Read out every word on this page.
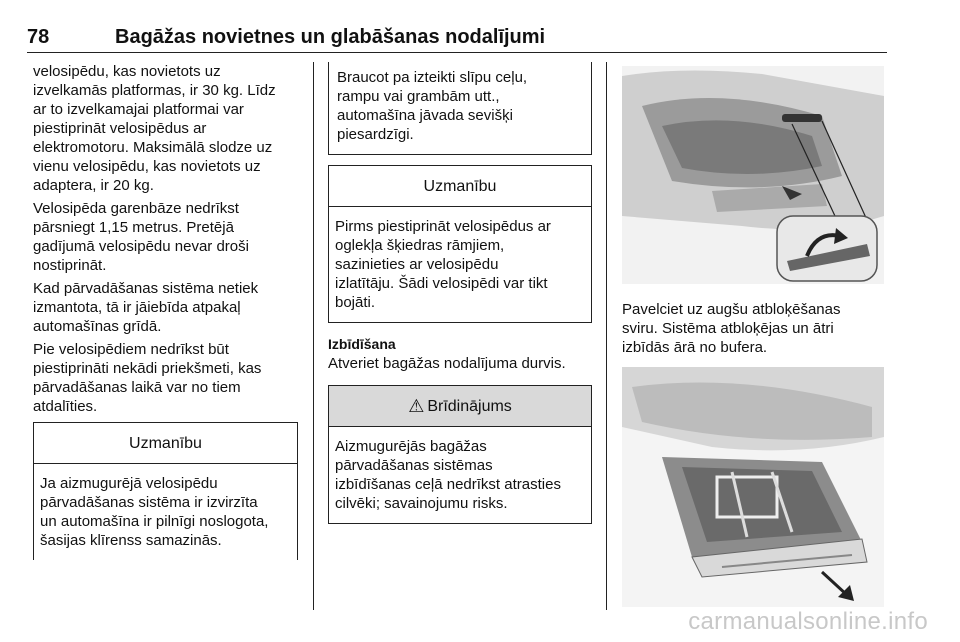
78	Bagāžas novietnes un glabāšanas nodalījumi

velosipēdu, kas novietots uz
izvelkamās platformas, ir 30 kg. Līdz
ar to izvelkamajai platformai var
piestiprināt velosipēdus ar
elektromotoru. Maksimālā slodze uz
vienu velosipēdu, kas novietots uz
adaptera, ir 20 kg.

Velosipēda garenbāze nedrīkst
pārsniegt 1,15 metrus. Pretējā
gadījumā velosipēdu nevar droši
nostiprināt.

Kad pārvadāšanas sistēma netiek
izmantota, tā ir jāiebīda atpakaļ
automašīnas grīdā.

Pie velosipēdiem nedrīkst būt
piestiprināti nekādi priekšmeti, kas
pārvadāšanas laikā var no tiem
atdalīties.

Uzmanību
Ja aizmugurējā velosipēdu
pārvadāšanas sistēma ir izvirzīta
un automašīna ir pilnīgi noslogota,
šasijas klīrenss samazinās.
Braucot pa izteikti slīpu ceļu,
rampu vai grambām utt.,
automašīna jāvada sevišķi
piesardzīgi.
Uzmanību
Pirms piestiprināt velosipēdus ar
oglekļa šķiedras rāmjiem,
sazinieties ar velosipēdu
izlatītāju. Šādi velosipēdi var tikt
bojāti.
Izbīdīšana

Atveriet bagāžas nodalījuma durvis.

⚠ Brīdinājums
Aizmugurējās bagāžas
pārvadāšanas sistēmas
izbīdīšanas ceļā nedrīkst atrasties
cilvēki; savainojumu risks.

Pavelciet uz augšu atbloķēšanas
sviru. Sistēma atbloķējas un ātri
izbīdās ārā no bufera.

carmanualsonline.info
